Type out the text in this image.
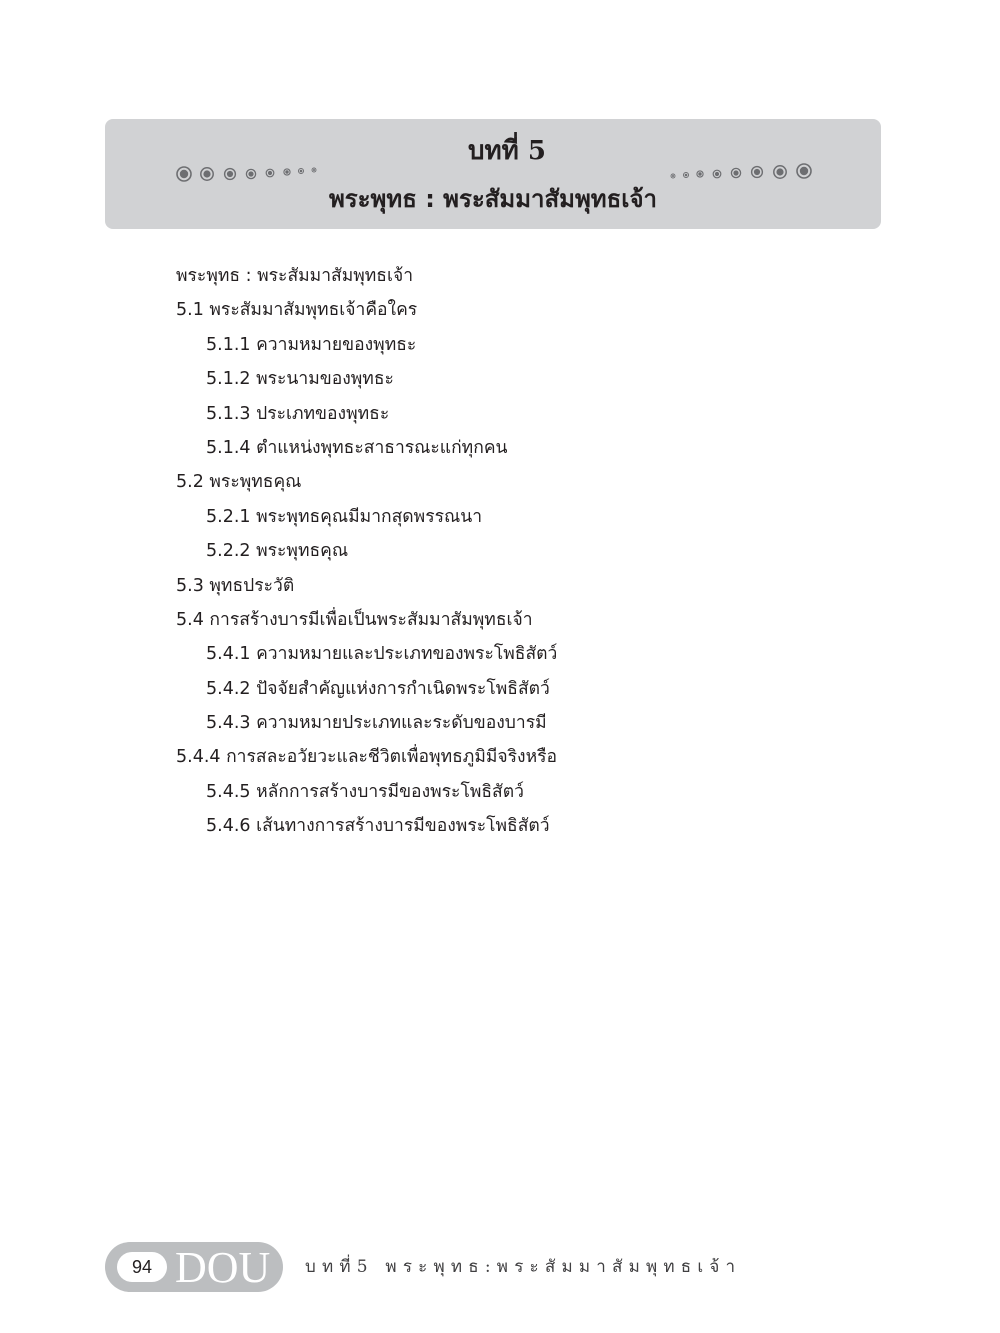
บทที่ 5
พระพุทธ : พระสัมมาสัมพุทธเจ้า
พระพุทธ : พระสัมมาสัมพุทธเจ้า
5.1 พระสัมมาสัมพุทธเจ้าคือใคร
5.1.1 ความหมายของพุทธะ
5.1.2 พระนามของพุทธะ
5.1.3 ประเภทของพุทธะ
5.1.4 ตำแหน่งพุทธะสาธารณะแก่ทุกคน
5.2 พระพุทธคุณ
5.2.1 พระพุทธคุณมีมากสุดพรรณนา
5.2.2 พระพุทธคุณ
5.3 พุทธประวัติ
5.4 การสร้างบารมีเพื่อเป็นพระสัมมาสัมพุทธเจ้า
5.4.1 ความหมายและประเภทของพระโพธิสัตว์
5.4.2 ปัจจัยสำคัญแห่งการกำเนิดพระโพธิสัตว์
5.4.3 ความหมายประเภทและระดับของบารมี
5.4.4 การสละอวัยวะและชีวิตเพื่อพุทธภูมิมีจริงหรือ
5.4.5 หลักการสร้างบารมีของพระโพธิสัตว์
5.4.6 เส้นทางการสร้างบารมีของพระโพธิสัตว์
94 DOU บทที่5 พระพุทธ:พระสัมมาสัมพุทธเจ้า
